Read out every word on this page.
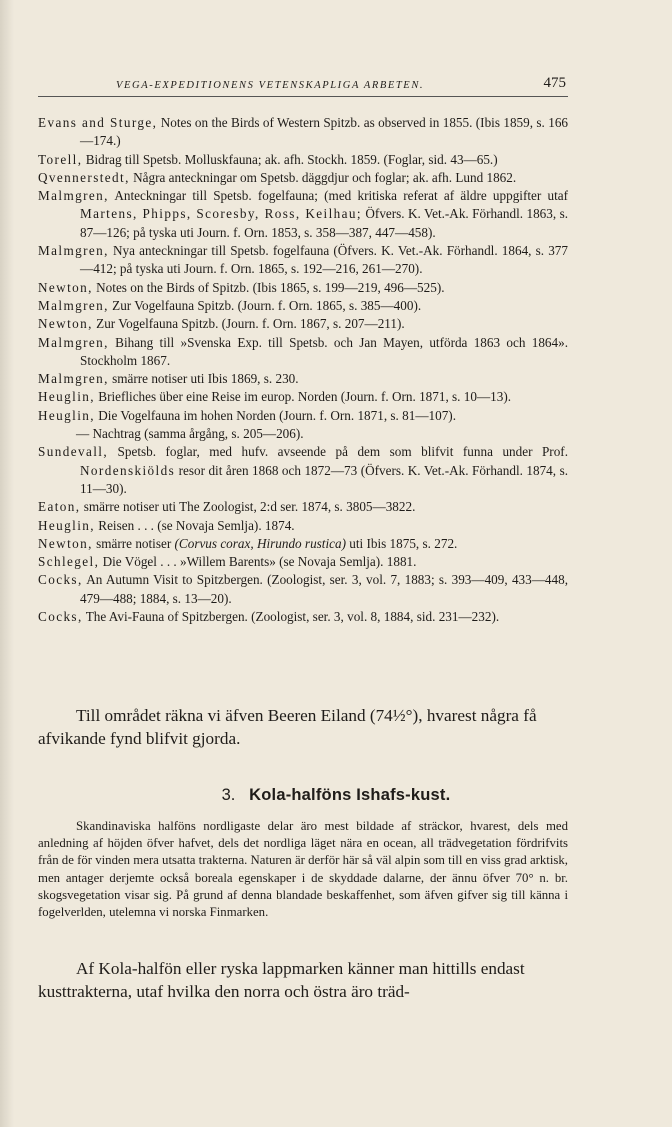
VEGA-EXPEDITIONENS VETENSKAPLIGA ARBETEN.	475
Evans and Sturge, Notes on the Birds of Western Spitzb. as observed in 1855. (Ibis 1859, s. 166—174.)
Torell, Bidrag till Spetsb. Molluskfauna; ak. afh. Stockh. 1859. (Foglar, sid. 43—65.)
Qvennerstedt, Några anteckningar om Spetsb. däggdjur och foglar; ak. afh. Lund 1862.
Malmgren, Anteckningar till Spetsb. fogelfauna; (med kritiska referat af äldre uppgifter utaf Martens, Phipps, Scoresby, Ross, Keilhau; Öfvers. K. Vet.-Ak. Förhandl. 1863, s. 87—126; på tyska uti Journ. f. Orn. 1853, s. 358—387, 447—458).
Malmgren, Nya anteckningar till Spetsb. fogelfauna (Öfvers. K. Vet.-Ak. Förhandl. 1864, s. 377—412; på tyska uti Journ. f. Orn. 1865, s. 192—216, 261—270).
Newton, Notes on the Birds of Spitzb. (Ibis 1865, s. 199—219, 496—525).
Malmgren, Zur Vogelfauna Spitzb. (Journ. f. Orn. 1865, s. 385—400).
Newton, Zur Vogelfauna Spitzb. (Journ. f. Orn. 1867, s. 207—211).
Malmgren, Bihang till »Svenska Exp. till Spetsb. och Jan Mayen, utförda 1863 och 1864». Stockholm 1867.
Malmgren, smärre notiser uti Ibis 1869, s. 230.
Heuglin, Briefliches über eine Reise im europ. Norden (Journ. f. Orn. 1871, s. 10—13).
Heuglin, Die Vogelfauna im hohen Norden (Journ. f. Orn. 1871, s. 81—107).
— Nachtrag (samma årgång, s. 205—206).
Sundevall, Spetsb. foglar, med hufv. avseende på dem som blifvit funna under Prof. Nordenskiölds resor dit åren 1868 och 1872—73 (Öfvers. K. Vet.-Ak. Förhandl. 1874, s. 11—30).
Eaton, smärre notiser uti The Zoologist, 2:d ser. 1874, s. 3805—3822.
Heuglin, Reisen . . . (se Novaja Semlja). 1874.
Newton, smärre notiser (Corvus corax, Hirundo rustica) uti Ibis 1875, s. 272.
Schlegel, Die Vögel . . . »Willem Barents» (se Novaja Semlja). 1881.
Cocks, An Autumn Visit to Spitzbergen. (Zoologist, ser. 3, vol. 7, 1883; s. 393—409, 433—448, 479—488; 1884, s. 13—20).
Cocks, The Avi-Fauna of Spitzbergen. (Zoologist, ser. 3, vol. 8, 1884, sid. 231—232).
Till området räkna vi äfven Beeren Eiland (74½°), hvarest några få afvikande fynd blifvit gjorda.
3. Kola-halföns Ishafs-kust.
Skandinaviska halföns nordligaste delar äro mest bildade af sträckor, hvarest, dels med anledning af höjden öfver hafvet, dels det nordliga läget nära en ocean, all trädvegetation fördrifvits från de för vinden mera utsatta trakterna. Naturen är derför här så väl alpin som till en viss grad arktisk, men antager derjemte också boreala egenskaper i de skyddade dalarne, der ännu öfver 70° n. br. skogsvegetation visar sig. På grund af denna blandade beskaffenhet, som äfven gifver sig till känna i fogelverlden, utelemna vi norska Finmarken.
Af Kola-halfön eller ryska lappmarken känner man hittills endast kusttrakterna, utaf hvilka den norra och östra äro träd-
